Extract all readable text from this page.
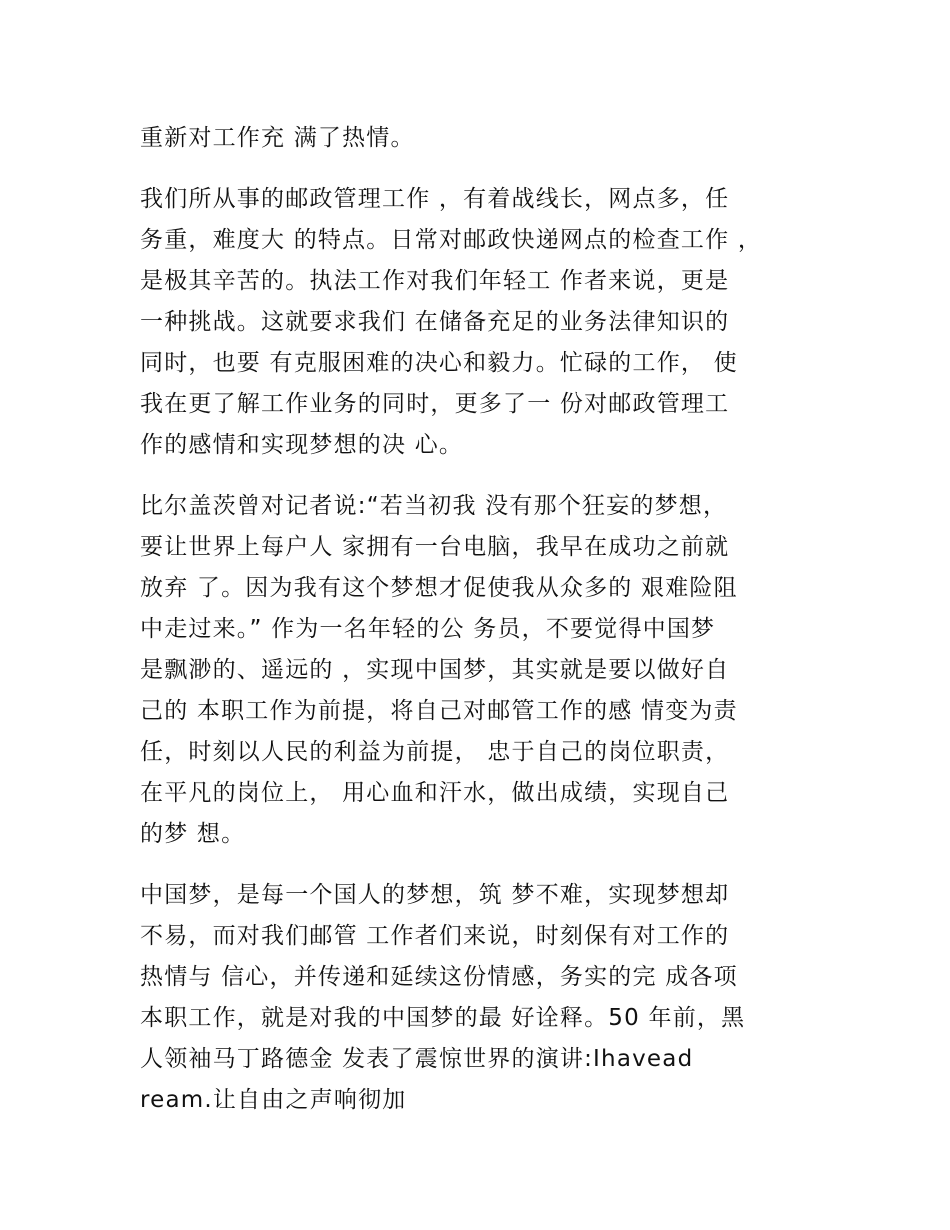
重新对工作充 满了热情。

我们所从事的邮政管理工作 ，有着战线长，网点多，任
务重，难度大 的特点。日常对邮政快递网点的检查工作 ，
是极其辛苦的。执法工作对我们年轻工 作者来说，更是
一种挑战。这就要求我们 在储备充足的业务法律知识的
同时，也要 有克服困难的决心和毅力。忙碌的工作， 使
我在更了解工作业务的同时，更多了一 份对邮政管理工
作的感情和实现梦想的决 心。

比尔盖茨曾对记者说:“若当初我 没有那个狂妄的梦想，
要让世界上每户人 家拥有一台电脑，我早在成功之前就
放弃 了。因为我有这个梦想才促使我从众多的 艰难险阻
中走过来。” 作为一名年轻的公 务员，不要觉得中国梦
是飘渺的、遥远的 ，实现中国梦，其实就是要以做好自
己的 本职工作为前提，将自己对邮管工作的感 情变为责
任，时刻以人民的利益为前提， 忠于自己的岗位职责，
在平凡的岗位上， 用心血和汗水，做出成绩，实现自己
的梦 想。

中国梦，是每一个国人的梦想，筑 梦不难，实现梦想却
不易，而对我们邮管 工作者们来说，时刻保有对工作的
热情与 信心，并传递和延续这份情感，务实的完 成各项
本职工作，就是对我的中国梦的最 好诠释。50 年前，黑
人领袖马丁路德金 发表了震惊世界的演讲:Ihavead
ream.让自由之声响彻加
